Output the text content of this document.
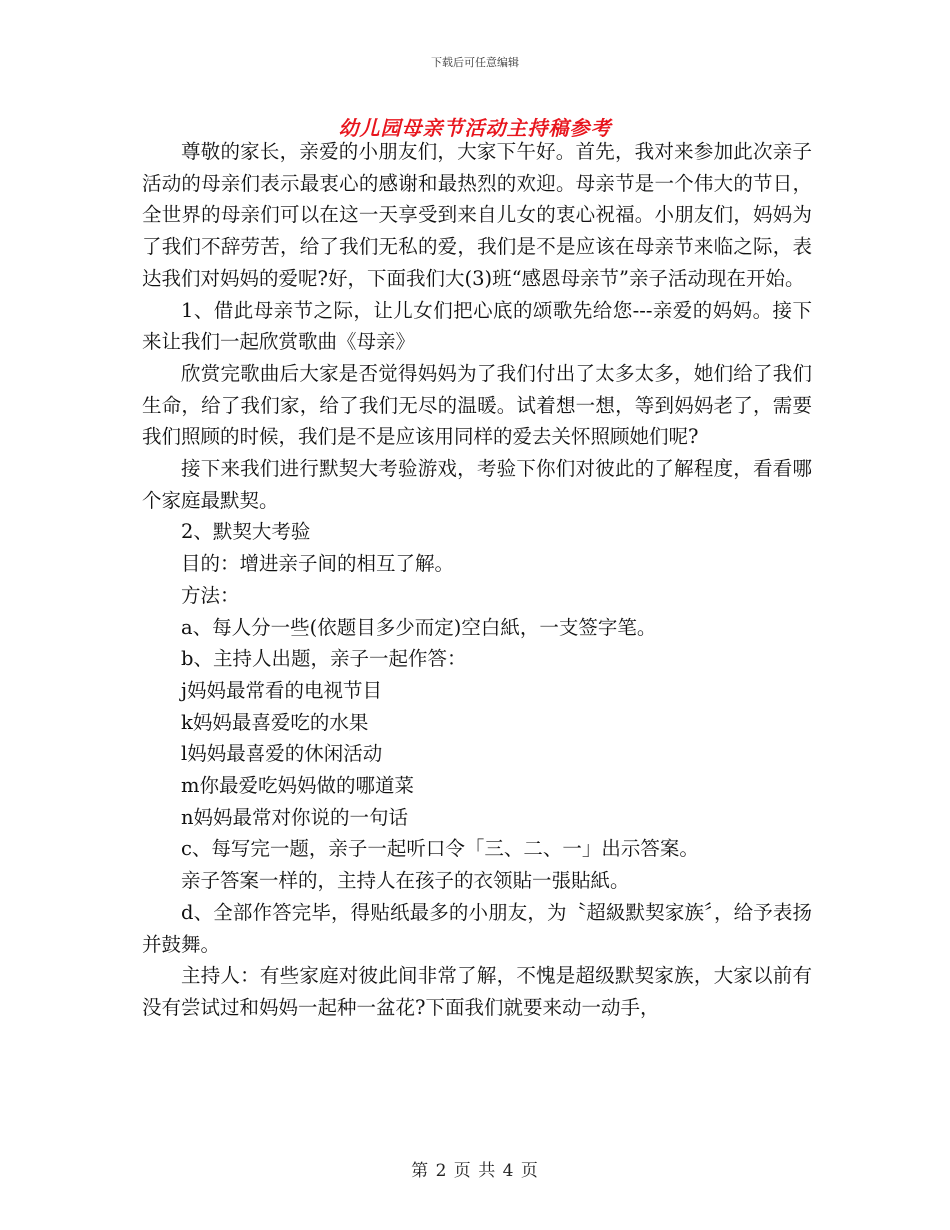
下载后可任意编辑
幼儿园母亲节活动主持稿参考

尊敬的家长，亲爱的小朋友们，大家下午好。首先，我对来参加此次亲子活动的母亲们表示最衷心的感谢和最热烈的欢迎。母亲节是一个伟大的节日，全世界的母亲们可以在这一天享受到来自儿女的衷心祝福。小朋友们，妈妈为了我们不辞劳苦，给了我们无私的爱，我们是不是应该在母亲节来临之际，表达我们对妈妈的爱呢?好，下面我们大(3)班“感恩母亲节”亲子活动现在开始。

1、借此母亲节之际，让儿女们把心底的颂歌先给您---亲爱的妈妈。接下来让我们一起欣赏歌曲《母亲》

欣赏完歌曲后大家是否觉得妈妈为了我们付出了太多太多，她们给了我们生命，给了我们家，给了我们无尽的温暖。试着想一想，等到妈妈老了，需要我们照顾的时候，我们是不是应该用同样的爱去关怀照顾她们呢?

接下来我们进行默契大考验游戏，考验下你们对彼此的了解程度，看看哪个家庭最默契。

2、默契大考验

目的：增进亲子间的相互了解。

方法：

a、每人分一些(依题目多少而定)空白紙，一支签字笔。

b、主持人出题，亲子一起作答：

j妈妈最常看的电视节目

k妈妈最喜爱吃的水果

l妈妈最喜爱的休闲活动

m你最爱吃妈妈做的哪道菜

n妈妈最常对你说的一句话

c、每写完一题，亲子一起听口令「三、二、一」出示答案。

亲子答案一样的，主持人在孩子的衣领貼一張貼紙。

d、全部作答完毕，得贴纸最多的小朋友，为〝超級默契家族〞，给予表扬并鼓舞。

主持人：有些家庭对彼此间非常了解，不愧是超级默契家族，大家以前有没有尝试过和妈妈一起种一盆花?下面我们就要来动一动手，

第 2 页 共 4 页
